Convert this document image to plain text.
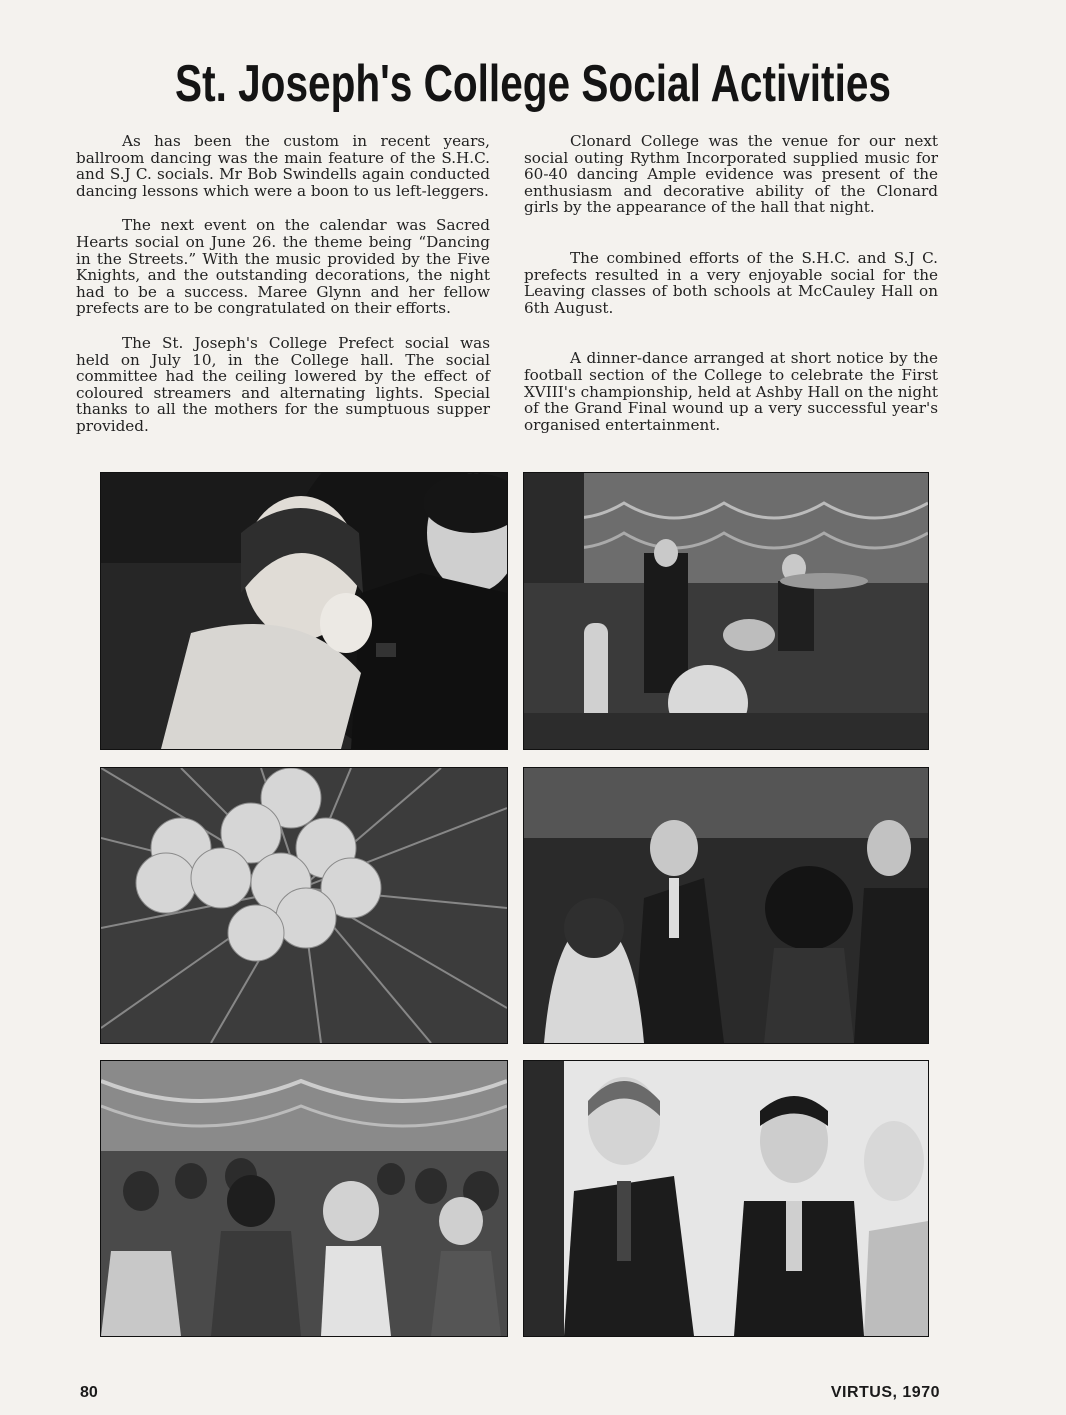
St. Joseph's College Social Activities

As has been the custom in recent years, ballroom dancing was the main feature of the S.H.C. and S.J C. socials. Mr Bob Swindells again conducted dancing lessons which were a boon to us left-leggers.

The next event on the calendar was Sacred Hearts social on June 26. the theme being “Dancing in the Streets.” With the music provided by the Five Knights, and the outstanding decorations, the night had to be a success. Maree Glynn and her fellow prefects are to be congratulated on their efforts.

The St. Joseph's College Prefect social was held on July 10, in the College hall. The social committee had the ceiling lowered by the effect of coloured streamers and alternating lights. Special thanks to all the mothers for the sumptuous supper provided.

Clonard College was the venue for our next social outing Rythm Incorporated supplied music for 60-40 dancing Ample evidence was present of the enthusiasm and decorative ability of the Clonard girls by the appearance of the hall that night.

The combined efforts of the S.H.C. and S.J C. prefects resulted in a very enjoyable social for the Leaving classes of both schools at McCauley Hall on 6th August.

A dinner-dance arranged at short notice by the football section of the College to celebrate the First XVIII's championship, held at Ashby Hall on the night of the Grand Final wound up a very successful year's organised entertainment.

80	VIRTUS, 1970
